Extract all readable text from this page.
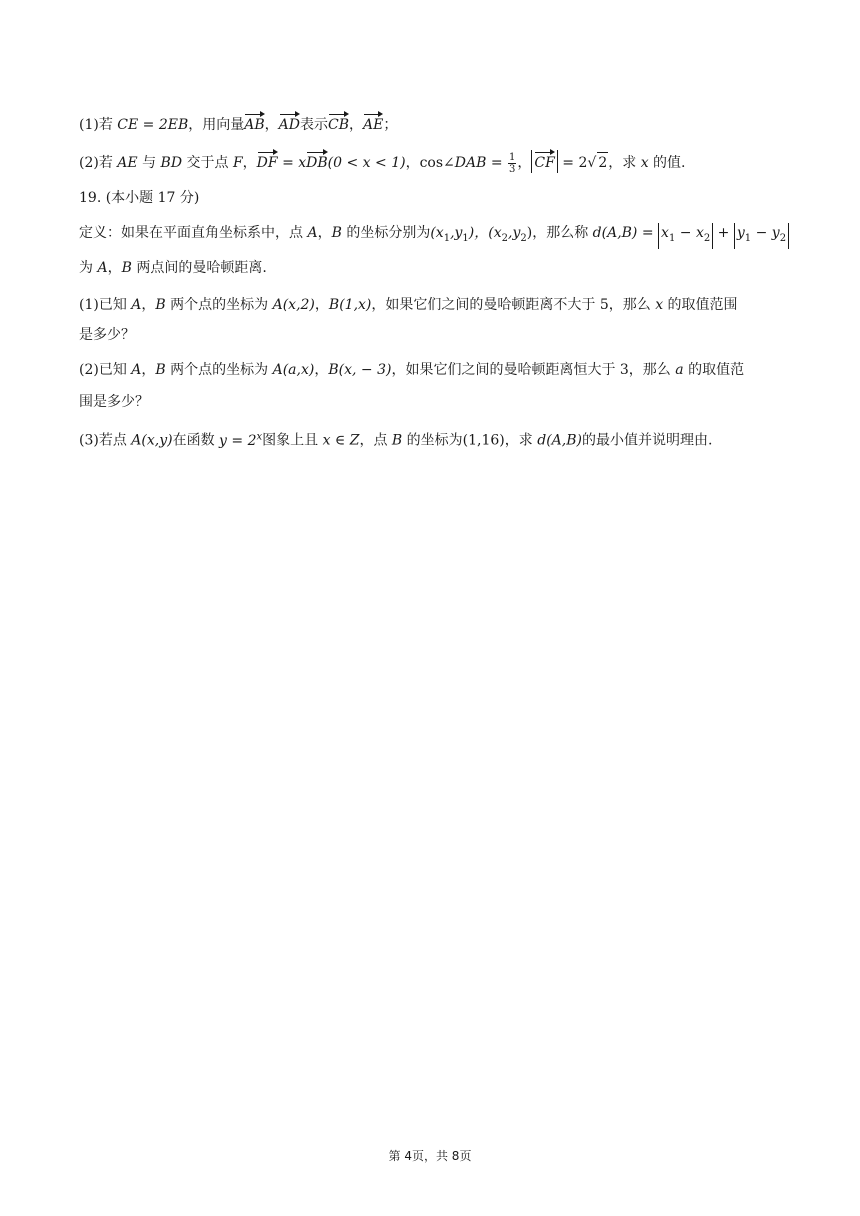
(1)若 CE = 2EB，用向量AB，AD表示CB，AE；
(2)若 AE 与 BD 交于点 F，DF = xDB(0 < x < 1)，cos∠DAB = $\frac{1}{3}$ ， CF = 2√ 2，求 x 的值.
19. (本小题 17 分)
定义：如果在平面直角坐标系中，点 A，B 的坐标分别为$(x_1,y_1)$，$(x_2,y_2)$，那么称 $d(A,B) = x_1 - x_2 + y_1 - y_2$
为 A，B 两点间的曼哈顿距离.
(1)已知 A，B 两个点的坐标为 A(x,2)，B(1,x)，如果它们之间的曼哈顿距离不大于 5，那么 x 的取值范围
是多少？
(2)已知 A，B 两个点的坐标为 A(a,x)，B(x, − 3)，如果它们之间的曼哈顿距离恒大于 3，那么 a 的取值范
围是多少？
(3)若点 A(x,y)在函数 $y = 2^x$图象上且 x ∈ Z，点 B 的坐标为(1,16)，求 d(A,B)的最小值并说明理由.
第 4页，共 8页
